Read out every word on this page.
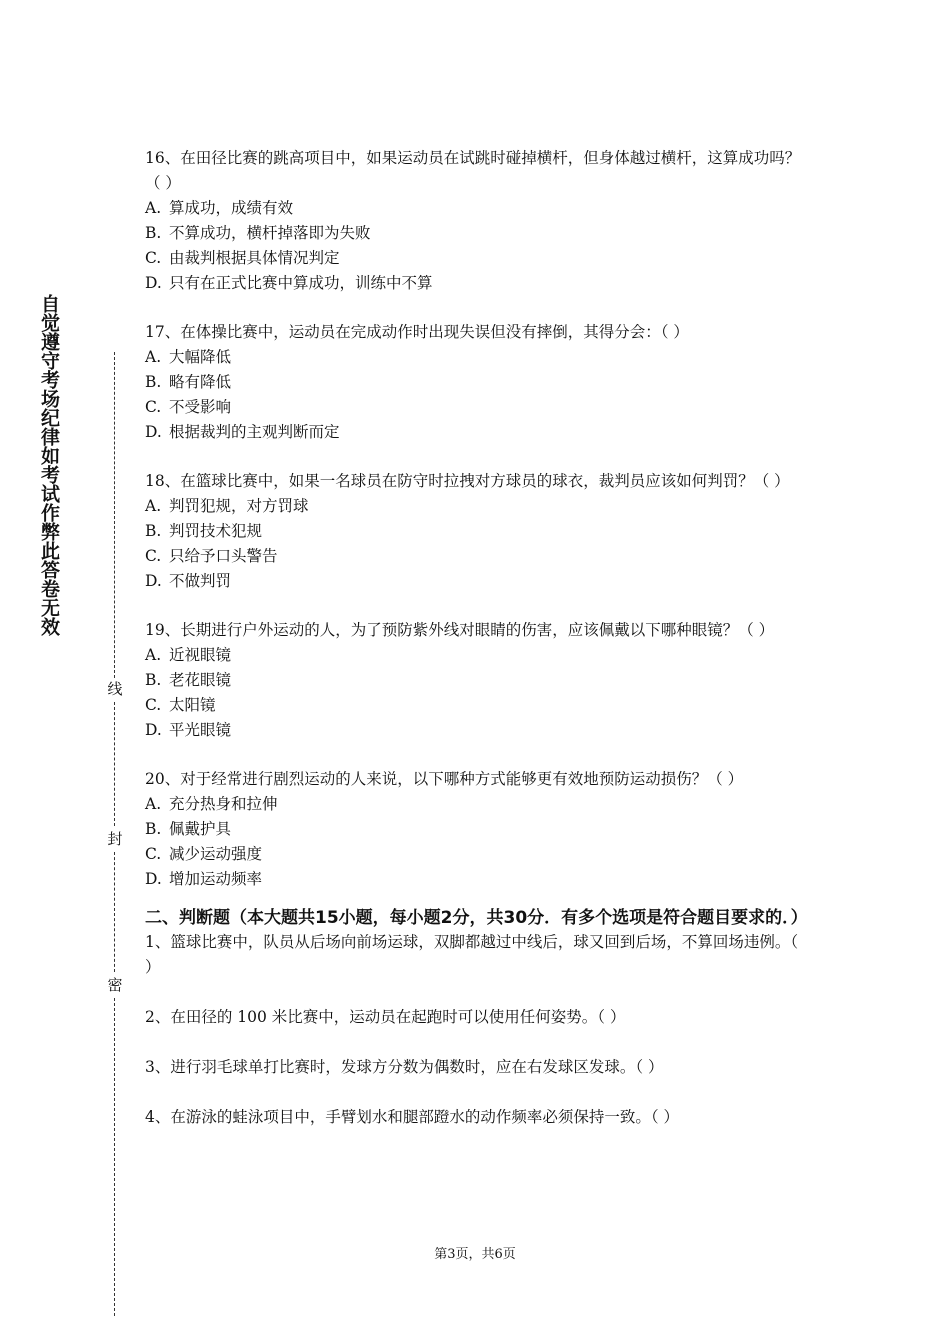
自觉遵守考场纪律如考试作弊此答卷无效
线
封
密

16、在田径比赛的跳高项目中，如果运动员在试跳时碰掉横杆，但身体越过横杆，这算成功吗？（ ）

A. 算成功，成绩有效

B. 不算成功，横杆掉落即为失败

C. 由裁判根据具体情况判定

D. 只有在正式比赛中算成功，训练中不算

17、在体操比赛中，运动员在完成动作时出现失误但没有摔倒，其得分会：（ ）

A. 大幅降低

B. 略有降低

C. 不受影响

D. 根据裁判的主观判断而定

18、在篮球比赛中，如果一名球员在防守时拉拽对方球员的球衣，裁判员应该如何判罚？（ ）

A. 判罚犯规，对方罚球

B. 判罚技术犯规

C. 只给予口头警告

D. 不做判罚

19、长期进行户外运动的人，为了预防紫外线对眼睛的伤害，应该佩戴以下哪种眼镜？（ ）

A. 近视眼镜

B. 老花眼镜

C. 太阳镜

D. 平光眼镜

20、对于经常进行剧烈运动的人来说，以下哪种方式能够更有效地预防运动损伤？（ ）

A. 充分热身和拉伸

B. 佩戴护具

C. 减少运动强度

D. 增加运动频率

二、判断题（本大题共15小题，每小题2分，共30分．有多个选项是符合题目要求的．）

1、篮球比赛中，队员从后场向前场运球，双脚都越过中线后，球又回到后场，不算回场违例。（ ）

2、在田径的 100 米比赛中，运动员在起跑时可以使用任何姿势。（ ）

3、进行羽毛球单打比赛时，发球方分数为偶数时，应在右发球区发球。（ ）

4、在游泳的蛙泳项目中，手臂划水和腿部蹬水的动作频率必须保持一致。（ ）

第3页，共6页
